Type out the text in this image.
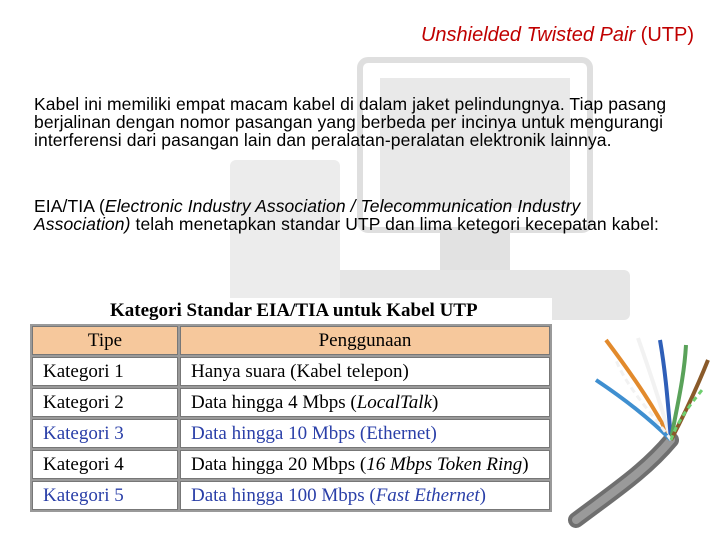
Unshielded Twisted Pair (UTP)
Kabel ini memiliki empat macam kabel di dalam jaket pelindungnya. Tiap pasang berjalinan dengan nomor pasangan yang berbeda per incinya untuk mengurangi interferensi dari pasangan lain dan peralatan-peralatan elektronik lainnya.
EIA/TIA (Electronic Industry Association / Telecommunication Industry Association) telah menetapkan standar UTP dan lima ketegori kecepatan kabel:
Kategori Standar EIA/TIA untuk Kabel UTP
Tipe	Penggunaan
Kategori 1	Hanya suara (Kabel telepon)
Kategori 2	Data hingga 4 Mbps (LocalTalk)
Kategori 3	Data hingga 10 Mbps (Ethernet)
Kategori 4	Data hingga 20 Mbps (16 Mbps Token Ring)
Kategori 5	Data hingga 100 Mbps (Fast Ethernet)
